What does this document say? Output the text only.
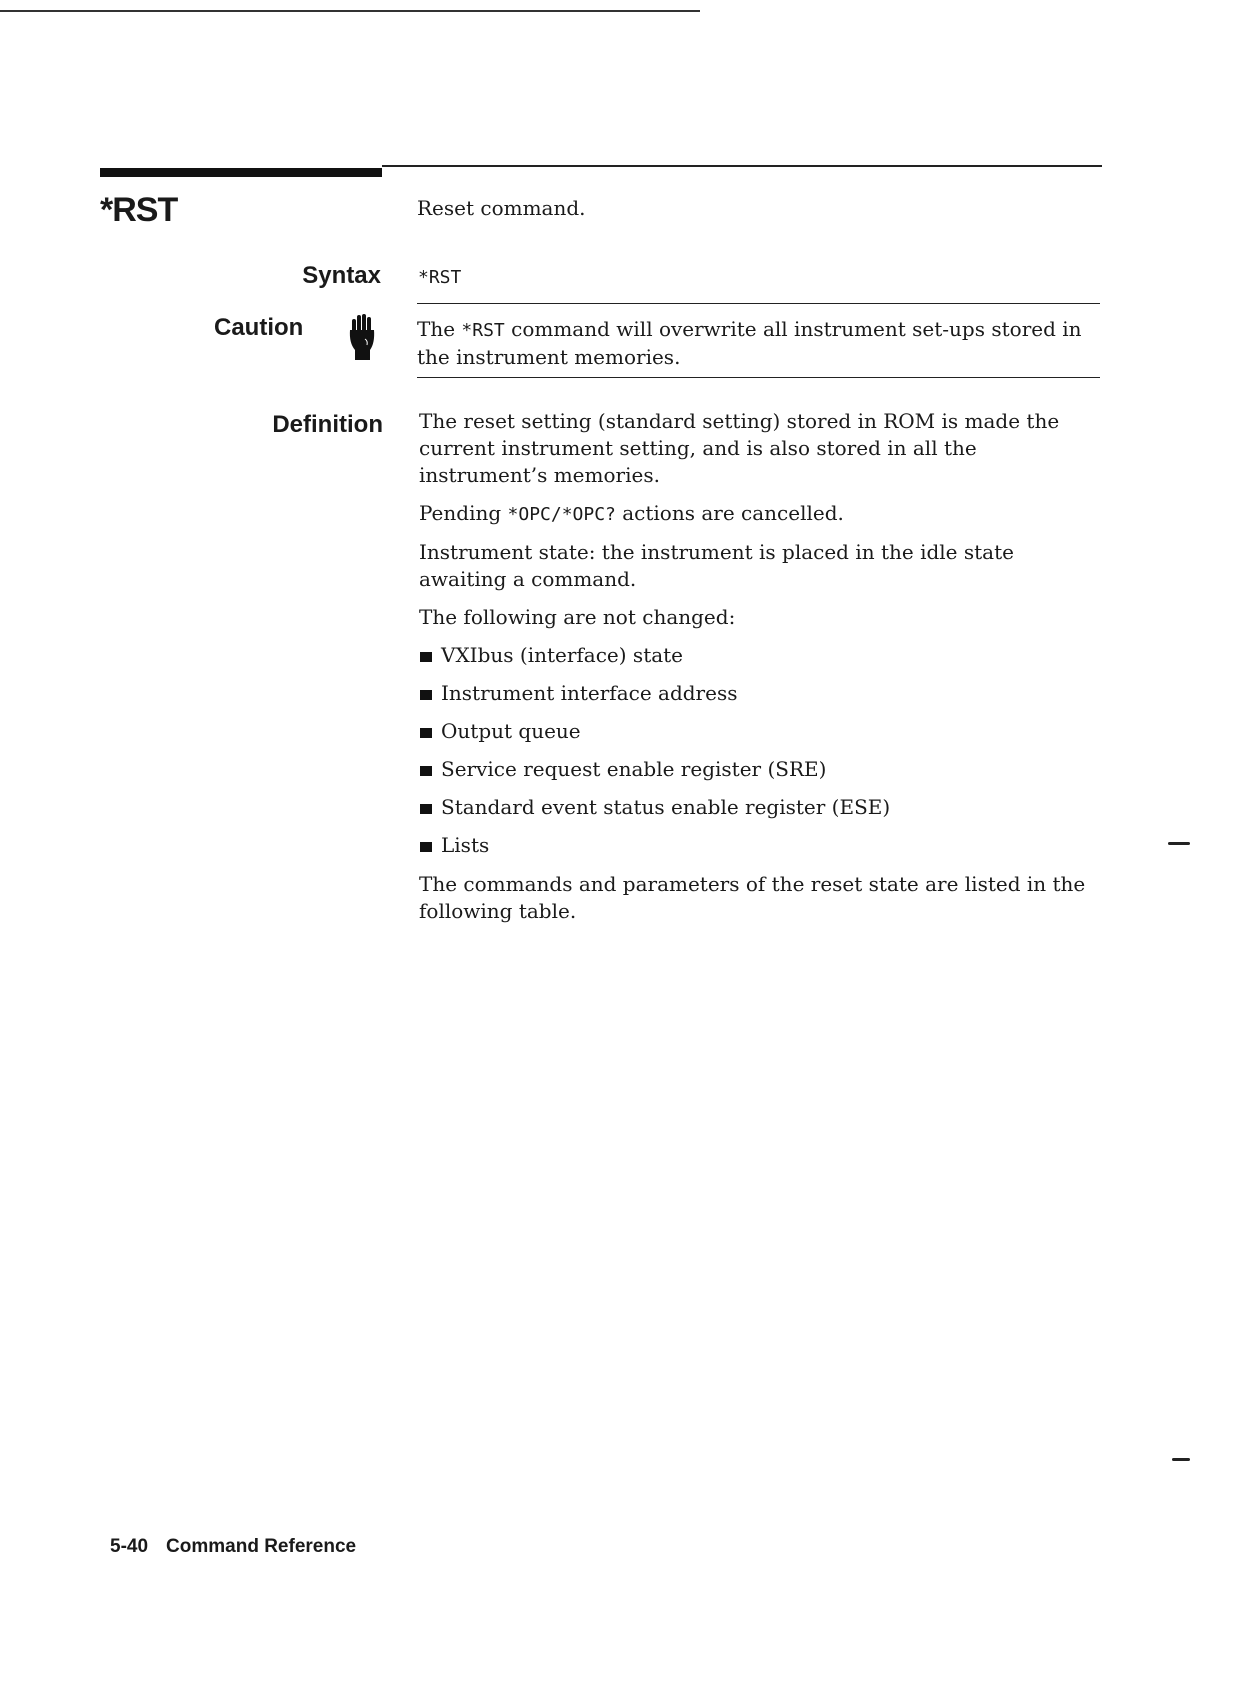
*RST	Reset command.

Syntax *RST

Caution	The *RST command will overwrite all instrument set-ups stored in

the instrument memories.

Definition The reset setting (standard setting) stored in ROM is made the current instrument setting, and is also stored in all the instrument’s memories.

Pending *OPC/*OPC? actions are cancelled.

Instrument state: the instrument is placed in the idle state awaiting a command.

The following are not changed:

VXIbus (interface) state
Instrument interface address
Output queue
Service request enable register (SRE)
Standard event status enable register (ESE)
Lists

The commands and parameters of the reset state are listed in the following table.

5-40 Command Reference
